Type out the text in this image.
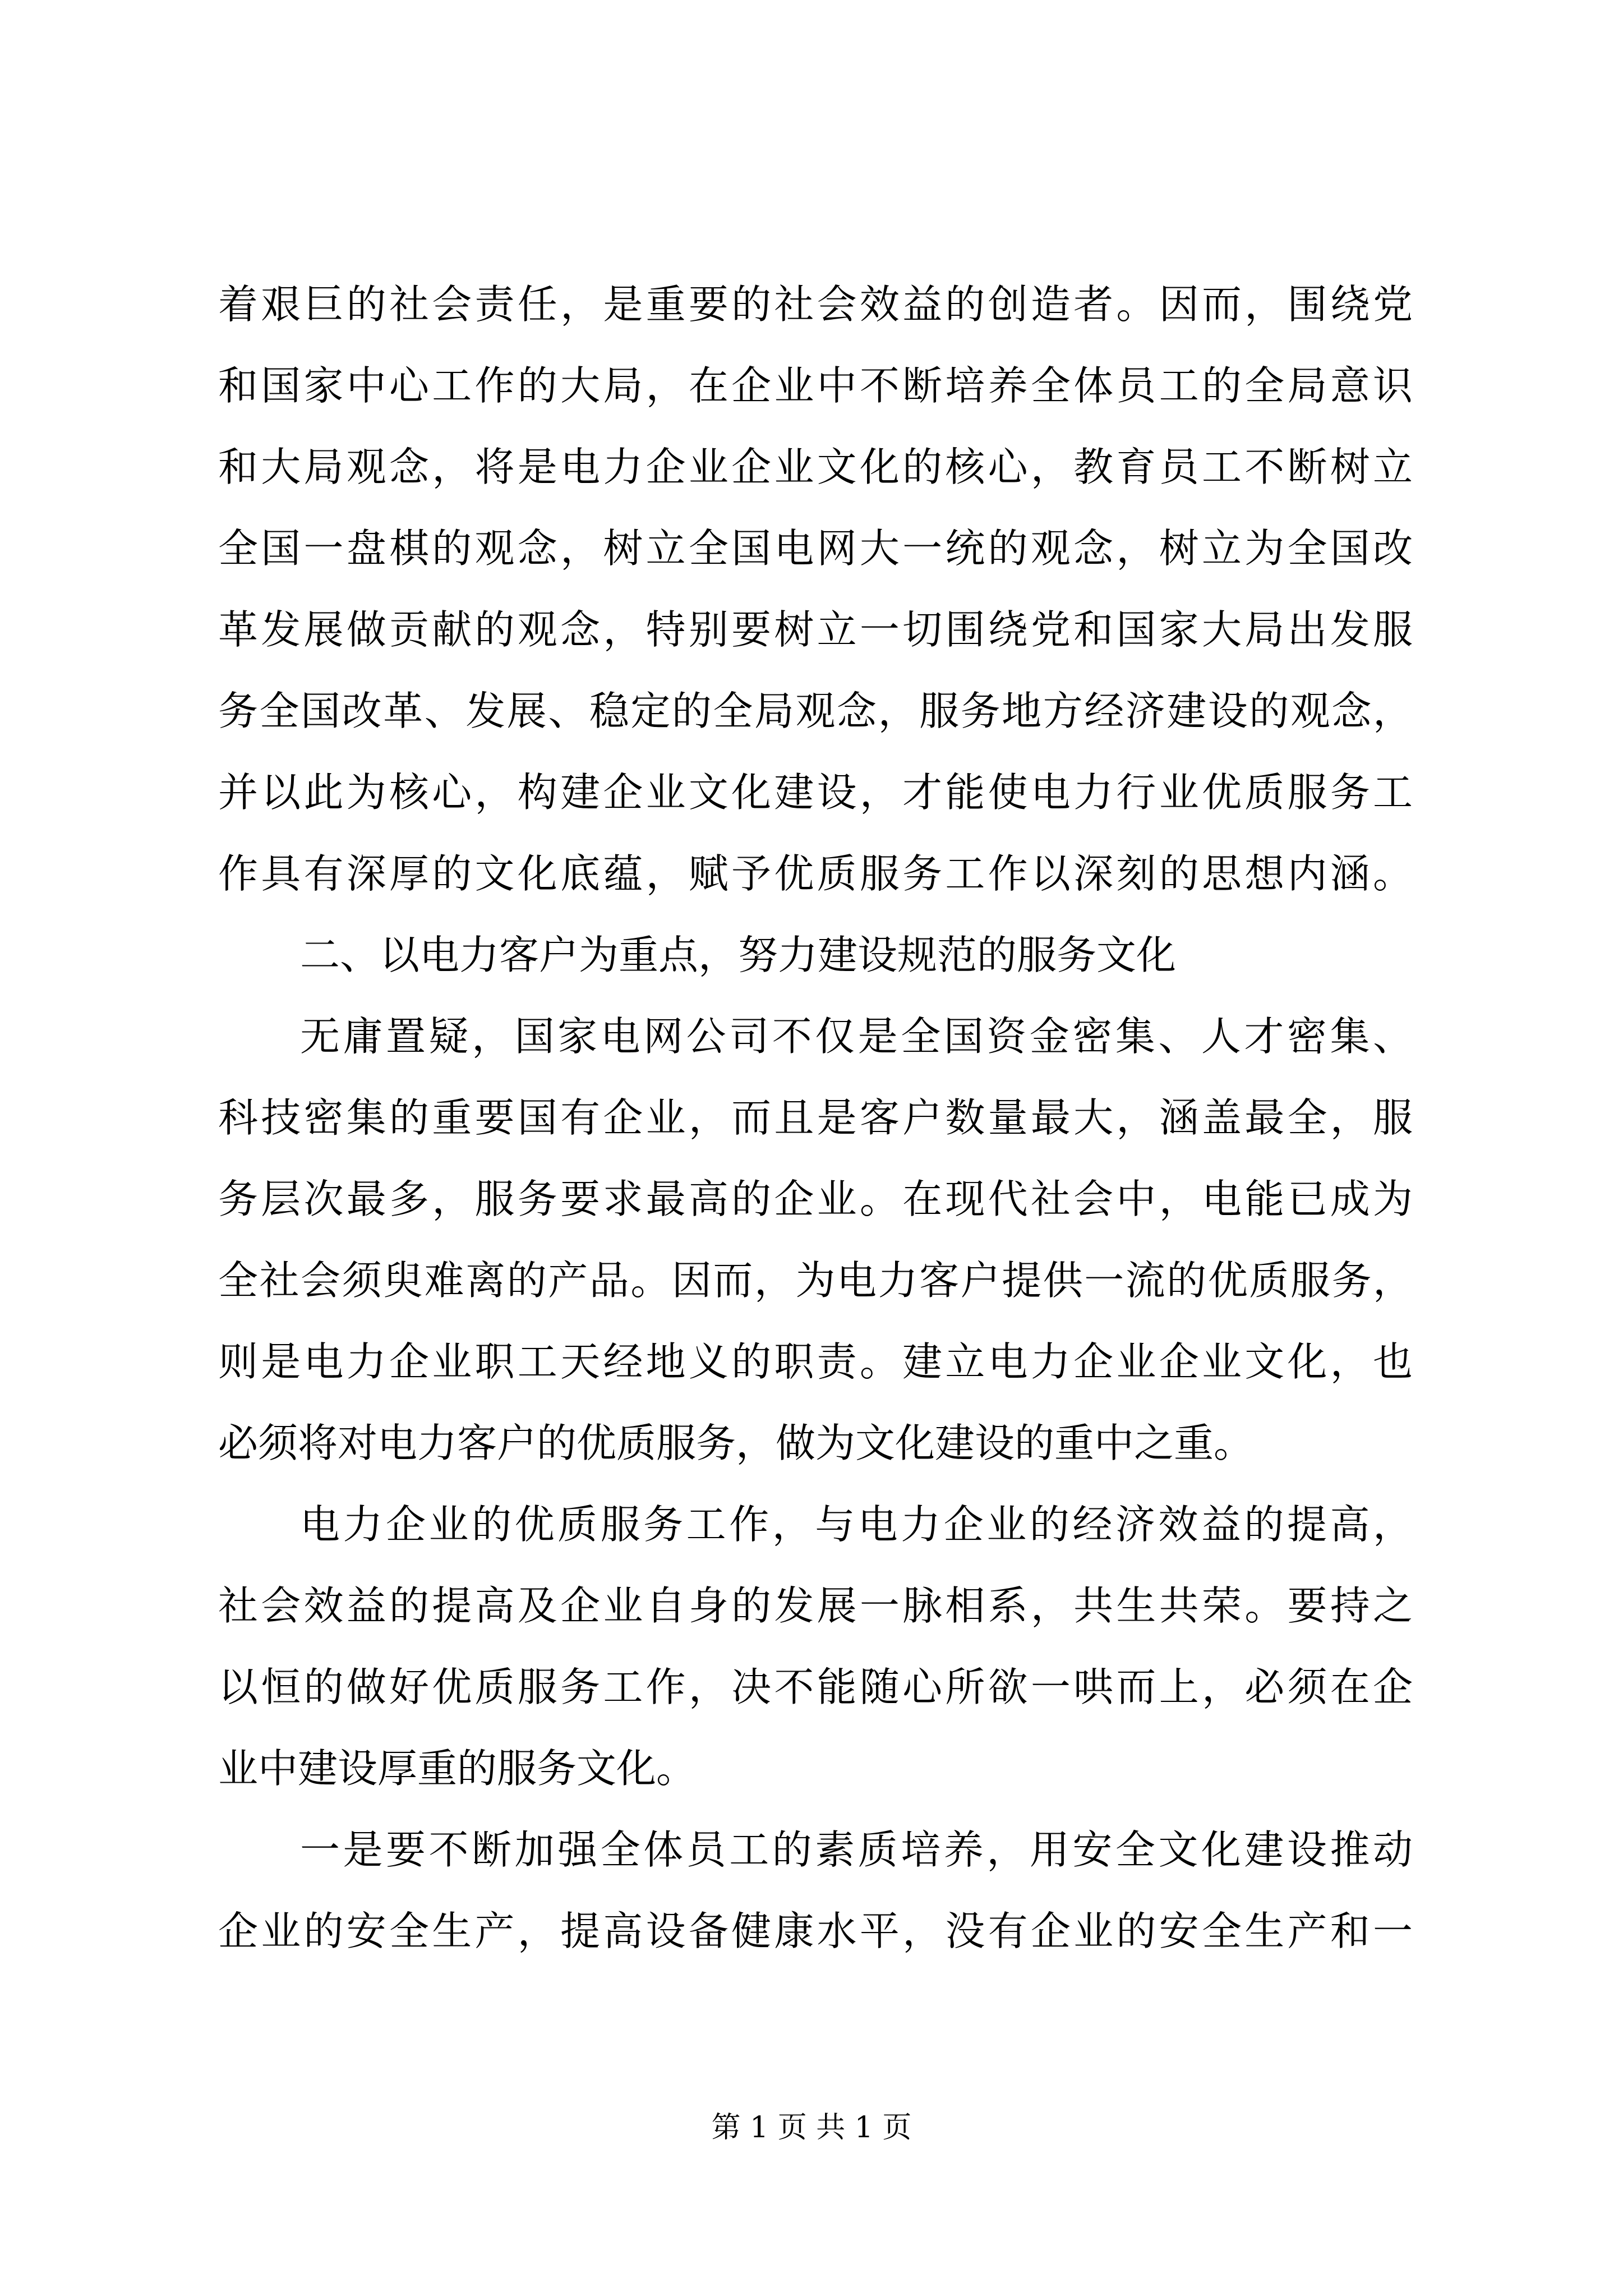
着艰巨的社会责任，是重要的社会效益的创造者。因而，围绕党
和国家中心工作的大局，在企业中不断培养全体员工的全局意识
和大局观念，将是电力企业企业文化的核心，教育员工不断树立
全国一盘棋的观念，树立全国电网大一统的观念，树立为全国改
革发展做贡献的观念，特别要树立一切围绕党和国家大局出发服
务全国改革、发展、稳定的全局观念，服务地方经济建设的观念，
并以此为核心，构建企业文化建设，才能使电力行业优质服务工
作具有深厚的文化底蕴，赋予优质服务工作以深刻的思想内涵。
二、以电力客户为重点，努力建设规范的服务文化
无庸置疑，国家电网公司不仅是全国资金密集、人才密集、
科技密集的重要国有企业，而且是客户数量最大，涵盖最全，服
务层次最多，服务要求最高的企业。在现代社会中，电能已成为
全社会须臾难离的产品。因而，为电力客户提供一流的优质服务，
则是电力企业职工天经地义的职责。建立电力企业企业文化，也
必须将对电力客户的优质服务，做为文化建设的重中之重。
电力企业的优质服务工作，与电力企业的经济效益的提高，
社会效益的提高及企业自身的发展一脉相系，共生共荣。要持之
以恒的做好优质服务工作，决不能随心所欲一哄而上，必须在企
业中建设厚重的服务文化。
一是要不断加强全体员工的素质培养，用安全文化建设推动
企业的安全生产，提高设备健康水平，没有企业的安全生产和一
第 1 页 共 1 页
